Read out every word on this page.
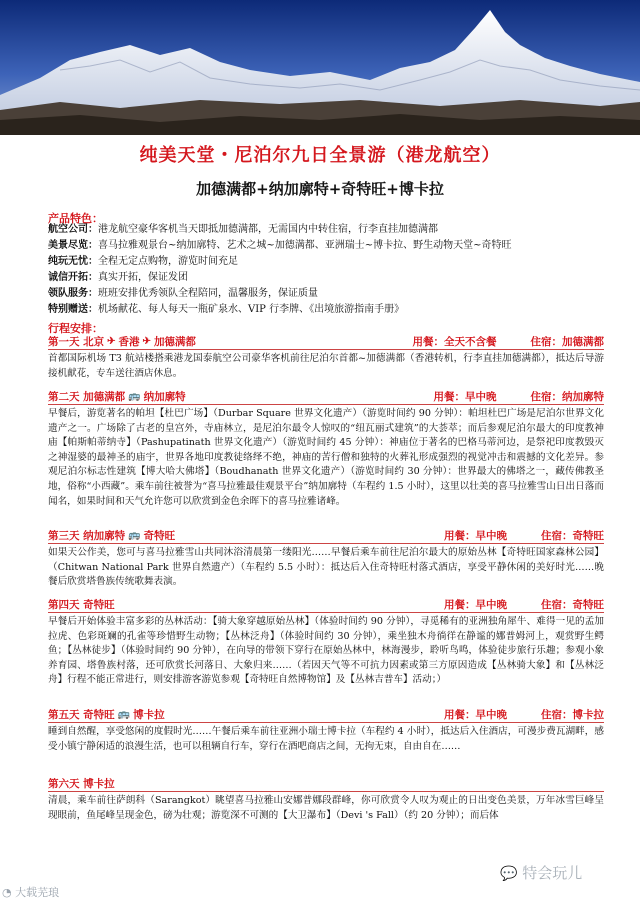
纯美天堂・尼泊尔九日全景游（港龙航空）
加德满都+纳加廓特+奇特旺+博卡拉
产品特色：
航空公司：港龙航空豪华客机当天即抵加德满都，无需国内中转住宿，行李直挂加德满都
美景尽览：喜马拉雅观景台~纳加廓特、艺术之城~加德满都、亚洲瑞士~博卡拉、野生动物天堂~奇特旺
纯玩无忧：全程无定点购物，游览时间充足
诚信开拓：真实开拓，保证发团
领队服务：班班安排优秀领队全程陪同，温馨服务，保证质量
特别赠送：机场献花、每人每天一瓶矿泉水、VIP 行李牌、《出境旅游指南手册》
行程安排：
第一天
北京 ✈ 香港 ✈ 加德满都	用餐：全天不含餐	住宿：加德满都
首都国际机场 T3 航站楼搭乘港龙国泰航空公司豪华客机前往尼泊尔首都~加德满都（香港转机，行李直挂加德满都），抵达后导游接机献花，专车送往酒店休息。
第二天
加德满都 🚌 纳加廓特	用餐：早中晚	住宿：纳加廓特
早餐后，游览著名的帕坦【杜巴广场】（Durbar Square 世界文化遗产）（游览时间约 90 分钟）：帕坦杜巴广场是尼泊尔世界文化遗产之一。广场除了古老的皇宫外，寺庙林立，是尼泊尔最令人惊叹的“纽瓦丽式建筑”的大荟萃；而后参观尼泊尔最大的印度教神庙【帕斯帕蒂纳寺】（Pashupatinath 世界文化遗产）（游览时间约 45 分钟）：神庙位于著名的巴格马蒂河边，是祭祀印度教毁灭之神湿婆的最神圣的庙宇，世界各地印度教徒络绎不绝，神庙的苦行僧和独特的火葬礼形成强烈的视觉冲击和震撼的文化差异。参观尼泊尔标志性建筑【博大哈大佛塔】（Boudhanath 世界文化遗产）（游览时间约 30 分钟）：世界最大的佛塔之一，藏传佛教圣地，俗称“小西藏”。乘车前往被誉为“喜马拉雅最佳观景平台”纳加廓特（车程约 1.5 小时），这里以壮美的喜马拉雅雪山日出日落而闻名，如果时间和天气允许您可以欣赏到金色余晖下的喜马拉雅诸峰。
第三天
纳加廓特 🚌 奇特旺	用餐：早中晚	住宿：奇特旺
如果天公作美，您可与喜马拉雅雪山共同沐浴清晨第一缕阳光……早餐后乘车前往尼泊尔最大的原始丛林【奇特旺国家森林公园】（Chitwan National Park 世界自然遗产）（车程约 5.5 小时）：抵达后入住奇特旺村落式酒店，享受平静休闲的美好时光……晚餐后欣赏塔鲁族传统歌舞表演。
第四天
奇特旺	用餐：早中晚	住宿：奇特旺
早餐后开始体验丰富多彩的丛林活动：【骑大象穿越原始丛林】（体验时间约 90 分钟），寻觅稀有的亚洲独角犀牛、难得一见的孟加拉虎、色彩斑斓的孔雀等珍惜野生动物；【丛林泛舟】（体验时间约 30 分钟），乘坐独木舟徜徉在静谧的娜普姆河上，观赏野生鳄鱼；【丛林徒步】（体验时间约 90 分钟），在向导的带领下穿行在原始丛林中，林海漫步，聆听鸟鸣，体验徒步旅行乐趣；参观小象养育园、塔鲁族村落，还可欣赏长河落日、大象归来……（若因天气等不可抗力因素或第三方原因造成【丛林骑大象】和【丛林泛舟】行程不能正常进行，则安排游客游览参观【奇特旺自然博物馆】及【丛林吉普车】活动；）
第五天
奇特旺 🚌 博卡拉	用餐：早中晚	住宿：博卡拉
睡到自然醒，享受悠闲的度假时光……午餐后乘车前往亚洲小瑞士博卡拉（车程约 4 小时），抵达后入住酒店，可漫步费瓦湖畔，感受小镇宁静闲适的浪漫生活，也可以租辆自行车，穿行在酒吧商店之间，无拘无束，自由自在……
第六天
博卡拉
清晨，乘车前往萨朗科（Sarangkot）眺望喜马拉雅山安娜普娜段群峰，你可欣赏令人叹为观止的日出变色美景，万年冰雪巨峰呈现眼前，鱼尾峰呈现金色，磅为壮观；游览深不可测的【大卫瀑布】（Devi 's Fall）（约 20 分钟）；而后体
◔ 大载芜琅
💬 特会玩儿
